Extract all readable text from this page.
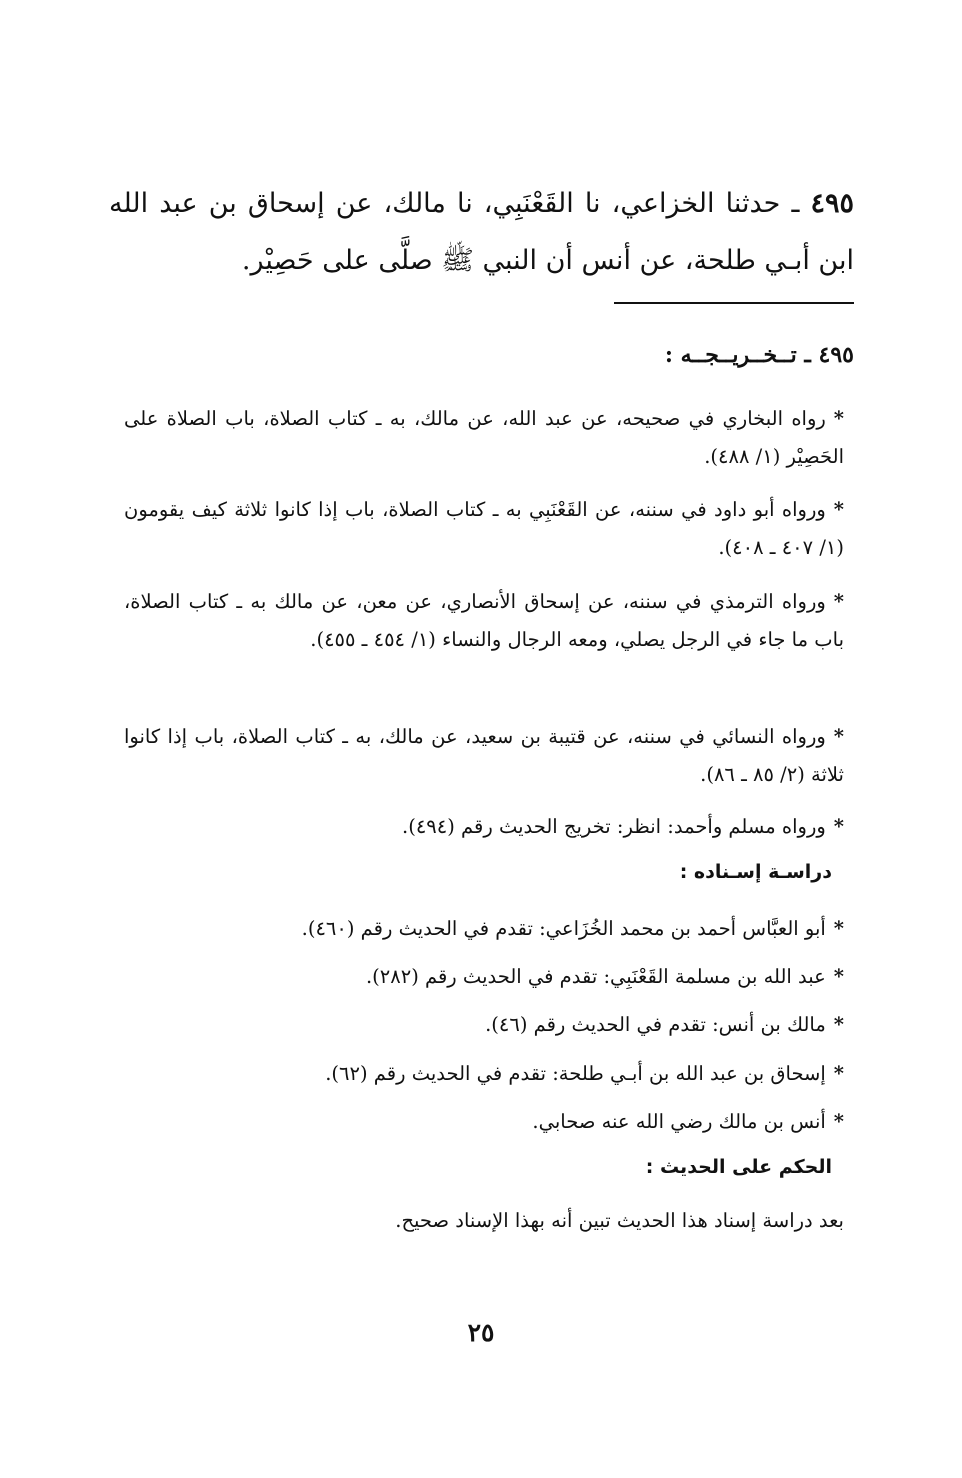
٤٩٥ ـ حدثنا الخزاعي، نا القَعْنَبِي، نا مالك، عن إسحاق بن عبد الله ابن أبـي طلحة، عن أنس أن النبي ﷺ صلَّى على حَصِيْر.

٤٩٥ ـ تــخــريــجــه :

*رواه البخاري في صحيحه، عن عبد الله، عن مالك، به ـ كتاب الصلاة، باب الصلاة على الحَصِيْر (١/ ٤٨٨).

*ورواه أبو داود في سننه، عن القَعْنَبِي به ـ كتاب الصلاة، باب إذا كانوا ثلاثة كيف يقومون (١/ ٤٠٧ ـ ٤٠٨).

*ورواه الترمذي في سننه، عن إسحاق الأنصاري، عن معن، عن مالك به ـ كتاب الصلاة، باب ما جاء في الرجل يصلي، ومعه الرجال والنساء (١/ ٤٥٤ ـ ٤٥٥).

*ورواه النسائي في سننه، عن قتيبة بن سعيد، عن مالك، به ـ كتاب الصلاة، باب إذا كانوا ثلاثة (٢/ ٨٥ ـ ٨٦).

*ورواه مسلم وأحمد: انظر: تخريج الحديث رقم (٤٩٤).

دراسـة إسـناده :

*أبو العبَّاس أحمد بن محمد الخُزَاعي: تقدم في الحديث رقم (٤٦٠).

*عبد الله بن مسلمة القَعْنَبِي: تقدم في الحديث رقم (٢٨٢).

*مالك بن أنس: تقدم في الحديث رقم (٤٦).

*إسحاق بن عبد الله بن أبـي طلحة: تقدم في الحديث رقم (٦٢).

*أنس بن مالك رضي الله عنه صحابي.

الحكم على الحديث :

بعد دراسة إسناد هذا الحديث تبين أنه بهذا الإسناد صحيح.

٢٥
